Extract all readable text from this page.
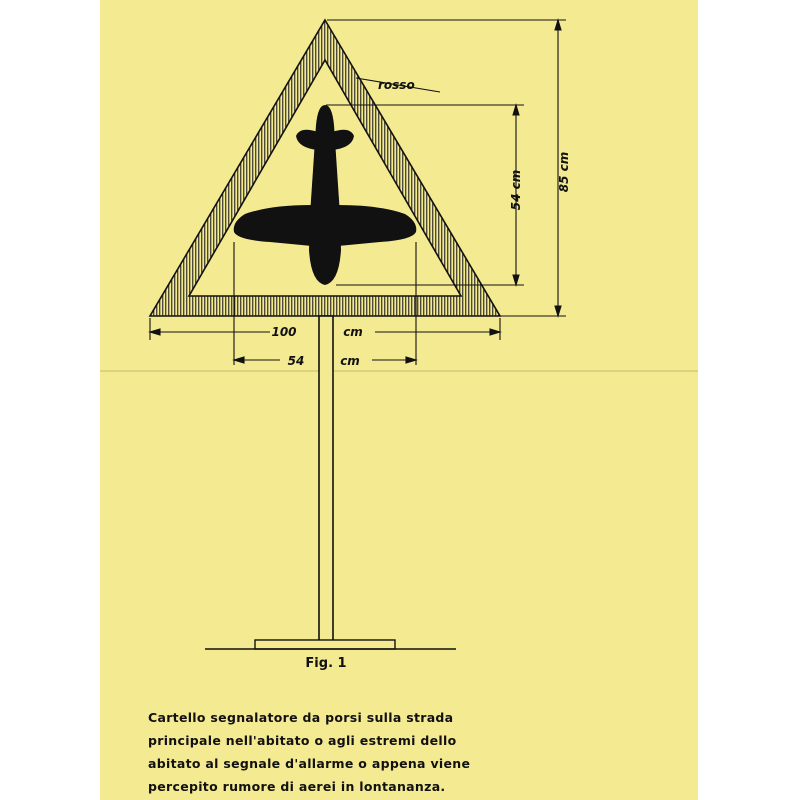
85 cm
54 cm
rosso
100	cm
54	cm
Fig. 1
Cartello segnalatore da porsi sulla strada
principale nell'abitato o agli estremi dello
abitato al segnale d'allarme o appena viene
percepito rumore di aerei in lontananza.
